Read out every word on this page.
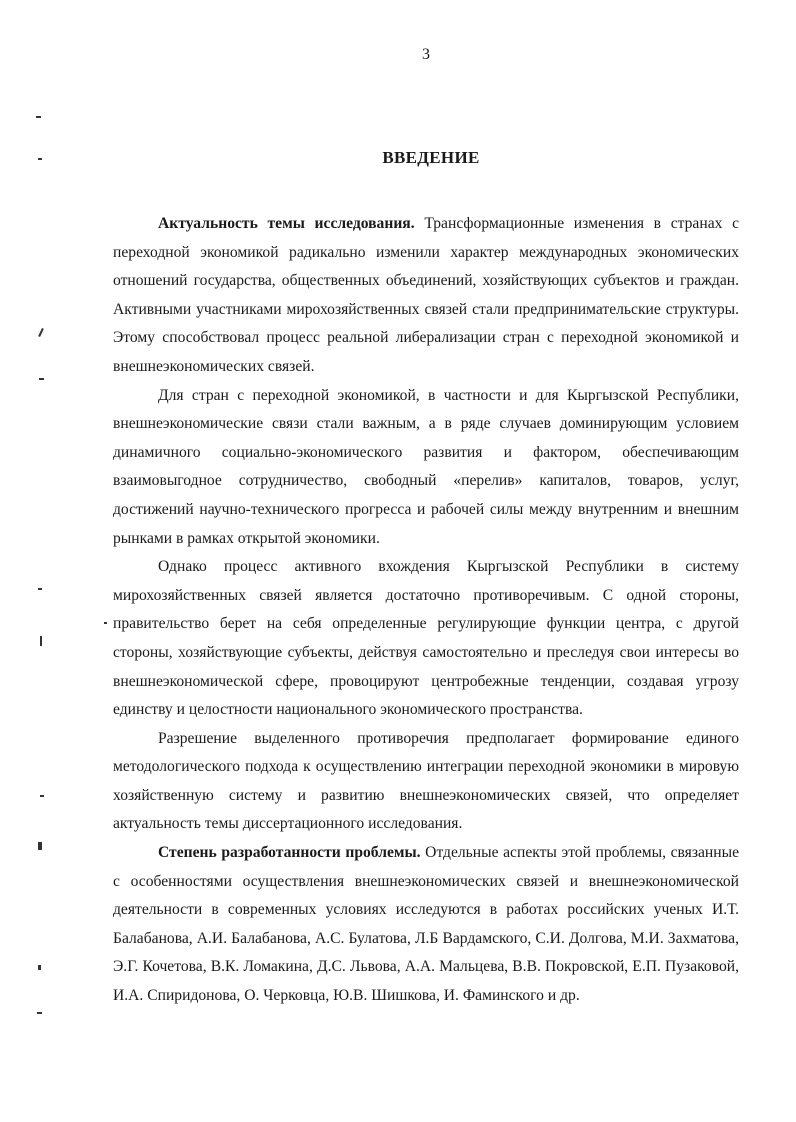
3
ВВЕДЕНИЕ

Актуальность темы исследования. Трансформационные изменения в странах с переходной экономикой радикально изменили характер международных экономических отношений государства, общественных объединений, хозяйствующих субъектов и граждан. Активными участниками мирохозяйственных связей стали предпринимательские структуры. Этому способствовал процесс реальной либерализации стран с переходной экономикой и внешнеэкономических связей.

Для стран с переходной экономикой, в частности и для Кыргызской Республики, внешнеэкономические связи стали важным, а в ряде случаев доминирующим условием динамичного социально-экономического развития и фактором, обеспечивающим взаимовыгодное сотрудничество, свободный «перелив» капиталов, товаров, услуг, достижений научно-технического прогресса и рабочей силы между внутренним и внешним рынками в рамках открытой экономики.

Однако процесс активного вхождения Кыргызской Республики в систему мирохозяйственных связей является достаточно противоречивым. С одной стороны, правительство берет на себя определенные регулирующие функции центра, с другой стороны, хозяйствующие субъекты, действуя самостоятельно и преследуя свои интересы во внешнеэкономической сфере, провоцируют центробежные тенденции, создавая угрозу единству и целостности национального экономического пространства.

Разрешение выделенного противоречия предполагает формирование единого методологического подхода к осуществлению интеграции переходной экономики в мировую хозяйственную систему и развитию внешнеэкономических связей, что определяет актуальность темы диссертационного исследования.

Степень разработанности проблемы. Отдельные аспекты этой проблемы, связанные с особенностями осуществления внешнеэкономических связей и внешнеэкономической деятельности в современных условиях исследуются в работах российских ученых И.Т. Балабанова, А.И. Балабанова, А.С. Булатова, Л.Б Вардамского, С.И. Долгова, М.И. Захматова, Э.Г. Кочетова, В.К. Ломакина, Д.С. Львова, А.А. Мальцева, В.В. Покровской, Е.П. Пузаковой, И.А. Спиридонова, О. Черковца, Ю.В. Шишкова, И. Фаминского и др.
